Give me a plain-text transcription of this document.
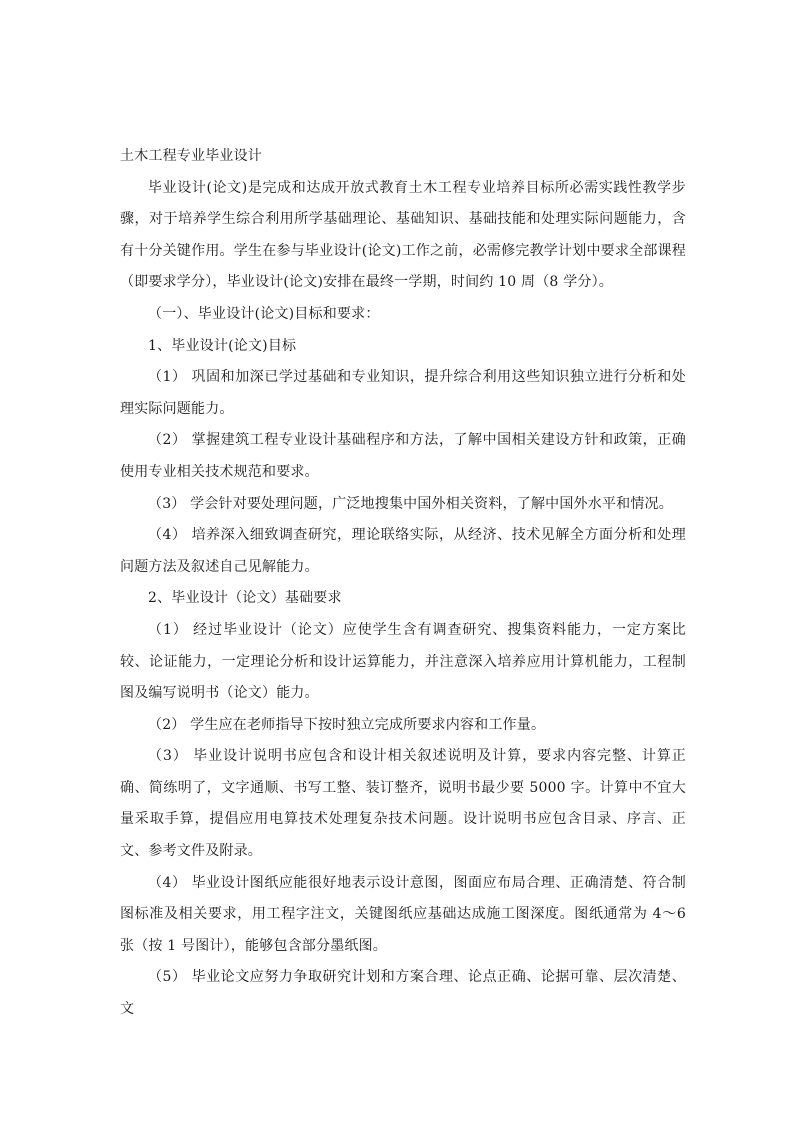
土木工程专业毕业设计

毕业设计(论文)是完成和达成开放式教育土木工程专业培养目标所必需实践性教学步骤，对于培养学生综合利用所学基础理论、基础知识、基础技能和处理实际问题能力，含有十分关键作用。学生在参与毕业设计(论文)工作之前，必需修完教学计划中要求全部课程（即要求学分），毕业设计(论文)安排在最终一学期，时间约 10 周（8 学分）。

（一）、毕业设计(论文)目标和要求：

1、毕业设计(论文)目标

（1） 巩固和加深已学过基础和专业知识，提升综合利用这些知识独立进行分析和处理实际问题能力。

（2） 掌握建筑工程专业设计基础程序和方法，了解中国相关建设方针和政策，正确使用专业相关技术规范和要求。

（3） 学会针对要处理问题，广泛地搜集中国外相关资料，了解中国外水平和情况。

（4） 培养深入细致调查研究，理论联络实际，从经济、技术见解全方面分析和处理问题方法及叙述自己见解能力。

2、毕业设计（论文）基础要求

（1） 经过毕业设计（论文）应使学生含有调查研究、搜集资料能力，一定方案比较、论证能力，一定理论分析和设计运算能力，并注意深入培养应用计算机能力，工程制图及编写说明书（论文）能力。

（2） 学生应在老师指导下按时独立完成所要求内容和工作量。

（3） 毕业设计说明书应包含和设计相关叙述说明及计算，要求内容完整、计算正确、简练明了，文字通顺、书写工整、装订整齐，说明书最少要 5000 字。计算中不宜大量采取手算，提倡应用电算技术处理复杂技术问题。设计说明书应包含目录、序言、正文、参考文件及附录。

（4） 毕业设计图纸应能很好地表示设计意图，图面应布局合理、正确清楚、符合制图标准及相关要求，用工程字注文，关键图纸应基础达成施工图深度。图纸通常为 4～6 张（按 1 号图计），能够包含部分墨纸图。

（5） 毕业论文应努力争取研究计划和方案合理、论点正确、论据可靠、层次清楚、文
